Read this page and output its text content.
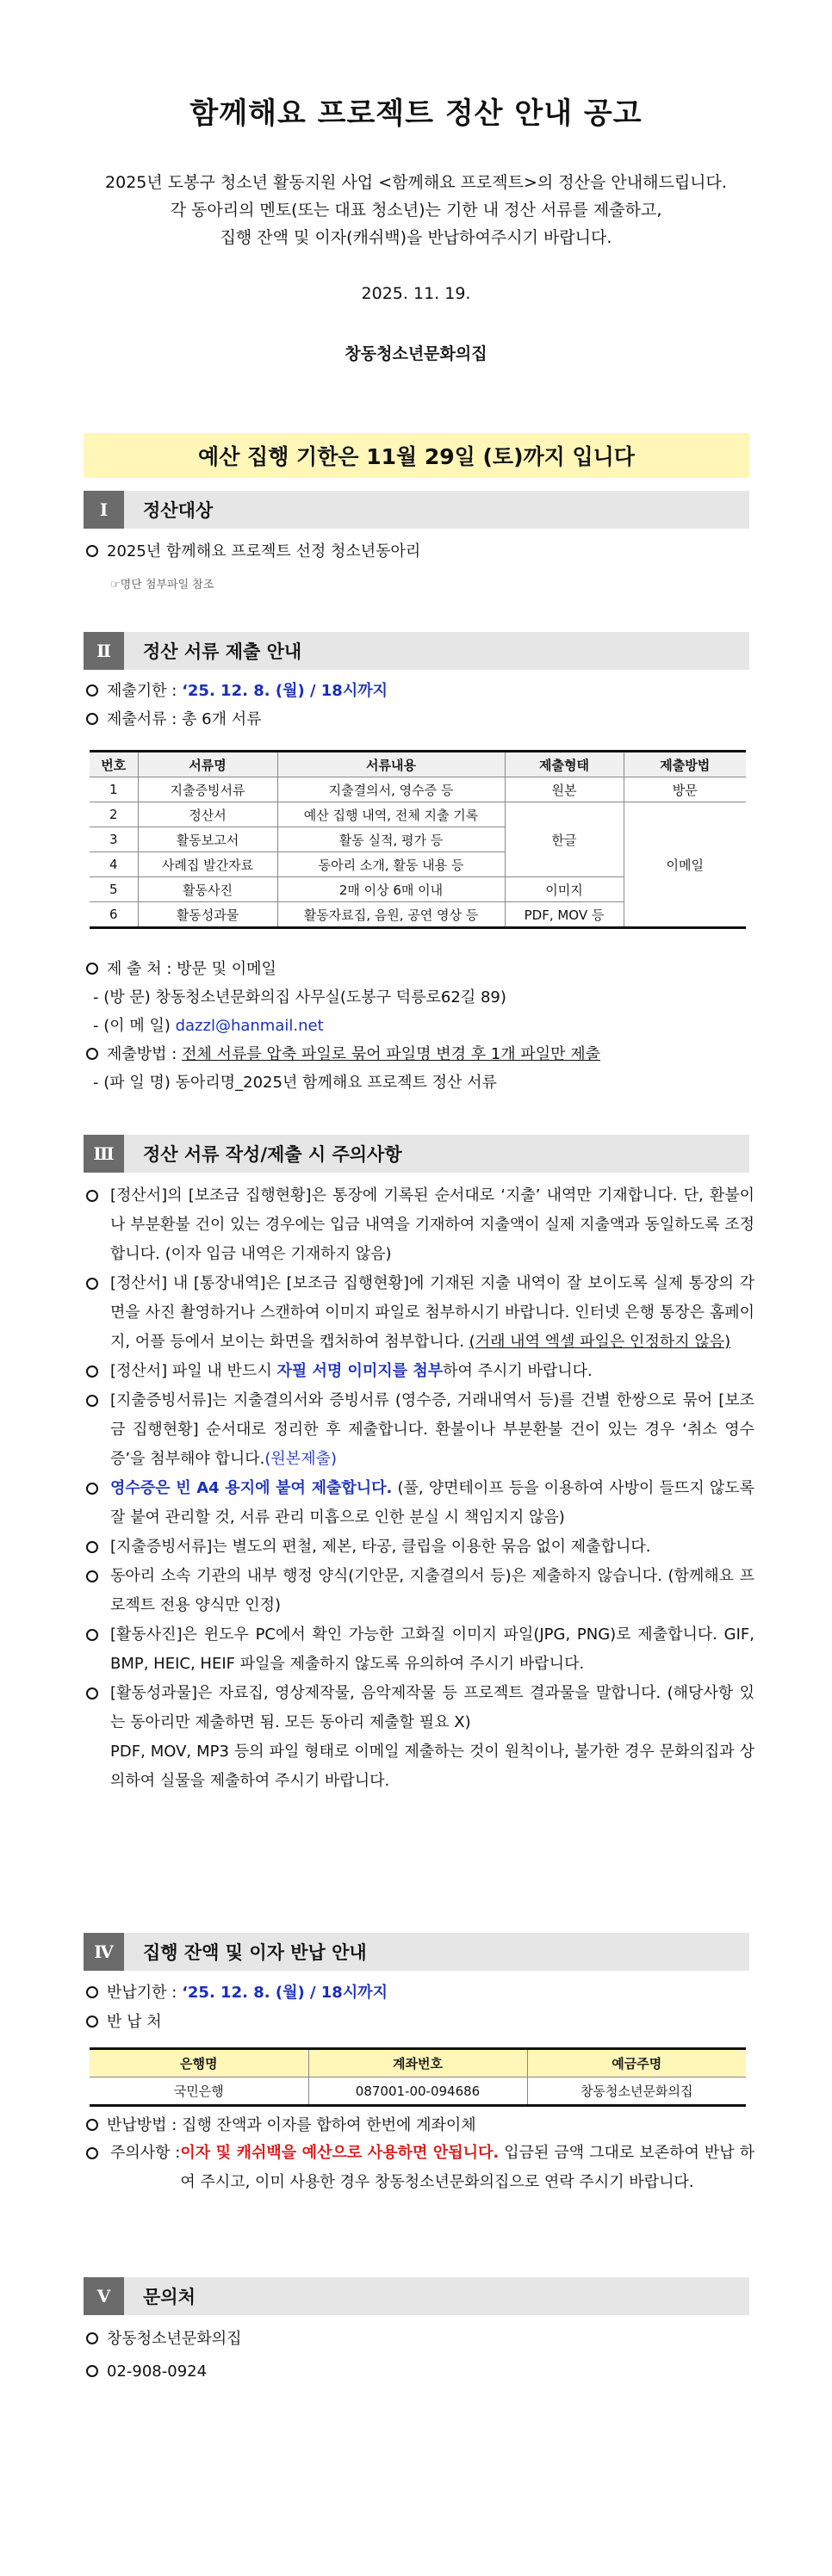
함께해요 프로젝트 정산 안내 공고
2025년 도봉구 청소년 활동지원 사업 <함께해요 프로젝트>의 정산을 안내해드립니다.
각 동아리의 멘토(또는 대표 청소년)는 기한 내 정산 서류를 제출하고,
집행 잔액 및 이자(캐쉬백)을 반납하여주시기 바랍니다.
2025. 11. 19.
창동청소년문화의집
예산 집행 기한은 11월 29일 (토)까지 입니다
Ⅰ	정산대상
2025년 함께해요 프로젝트 선정 청소년동아리
☞명단 첨부파일 참조
Ⅱ	정산 서류 제출 안내
제출기한 : ‘25. 12. 8. (월) / 18시까지
제출서류 : 총 6개 서류
번호	서류명	서류내용	제출형태	제출방법
1	지출증빙서류	지출결의서, 영수증 등	원본	방문
2	정산서	예산 집행 내역, 전체 지출 기록	한글	이메일
3	활동보고서	활동 실적, 평가 등		
4	사례집 발간자료	동아리 소개, 활동 내용 등		
5	활동사진	2매 이상 6매 이내	이미지	
6	활동성과물	활동자료집, 음원, 공연 영상 등	PDF, MOV 등	
제 출 처 : 방문 및 이메일
- (방 문) 창동청소년문화의집 사무실(도봉구 덕릉로62길 89)
- (이 메 일) dazzl@hanmail.net
제출방법 : 전체 서류를 압축 파일로 묶어 파일명 변경 후 1개 파일만 제출
- (파 일 명) 동아리명_2025년 함께해요 프로젝트 정산 서류
Ⅲ	정산 서류 작성/제출 시 주의사항
[정산서]의 [보조금 집행현황]은 통장에 기록된 순서대로 ‘지출’ 내역만 기재합니다. 단, 환불이나 부분환불 건이 있는 경우에는 입금 내역을 기재하여 지출액이 실제 지출액과 동일하도록 조정합니다. (이자 입금 내역은 기재하지 않음)
[정산서] 내 [통장내역]은 [보조금 집행현황]에 기재된 지출 내역이 잘 보이도록 실제 통장의 각 면을 사진 촬영하거나 스캔하여 이미지 파일로 첨부하시기 바랍니다. 인터넷 은행 통장은 홈페이지, 어플 등에서 보이는 화면을 캡처하여 첨부합니다. (거래 내역 엑셀 파일은 인정하지 않음)
[정산서] 파일 내 반드시 자필 서명 이미지를 첨부하여 주시기 바랍니다.
[지출증빙서류]는 지출결의서와 증빙서류 (영수증, 거래내역서 등)를 건별 한쌍으로 묶어 [보조금 집행현황] 순서대로 정리한 후 제출합니다. 환불이나 부분환불 건이 있는 경우 ‘취소 영수증’을 첨부해야 합니다.(원본제출)
영수증은 빈 A4 용지에 붙여 제출합니다. (풀, 양면테이프 등을 이용하여 사방이 들뜨지 않도록 잘 붙여 관리할 것, 서류 관리 미흡으로 인한 분실 시 책임지지 않음)
[지출증빙서류]는 별도의 편철, 제본, 타공, 클립을 이용한 묶음 없이 제출합니다.
동아리 소속 기관의 내부 행정 양식(기안문, 지출결의서 등)은 제출하지 않습니다. (함께해요 프로젝트 전용 양식만 인정)
[활동사진]은 윈도우 PC에서 확인 가능한 고화질 이미지 파일(JPG, PNG)로 제출합니다. GIF, BMP, HEIC, HEIF 파일을 제출하지 않도록 유의하여 주시기 바랍니다.
[활동성과물]은 자료집, 영상제작물, 음악제작물 등 프로젝트 결과물을 말합니다. (해당사항 있는 동아리만 제출하면 됨. 모든 동아리 제출할 필요 X)
PDF, MOV, MP3 등의 파일 형태로 이메일 제출하는 것이 원칙이나, 불가한 경우 문화의집과 상의하여 실물을 제출하여 주시기 바랍니다.
Ⅳ	집행 잔액 및 이자 반납 안내
반납기한 : ‘25. 12. 8. (월) / 18시까지
반 납 처
은행명	계좌번호	예금주명
국민은행	087001-00-094686	창동청소년문화의집
반납방법 : 집행 잔액과 이자를 합하여 한번에 계좌이체
주의사항 : 이자 및 캐쉬백을 예산으로 사용하면 안됩니다. 입금된 금액 그대로 보존하여 반납 하여 주시고, 이미 사용한 경우 창동청소년문화의집으로 연락 주시기 바랍니다.
Ⅴ	문의처
창동청소년문화의집
02-908-0924
